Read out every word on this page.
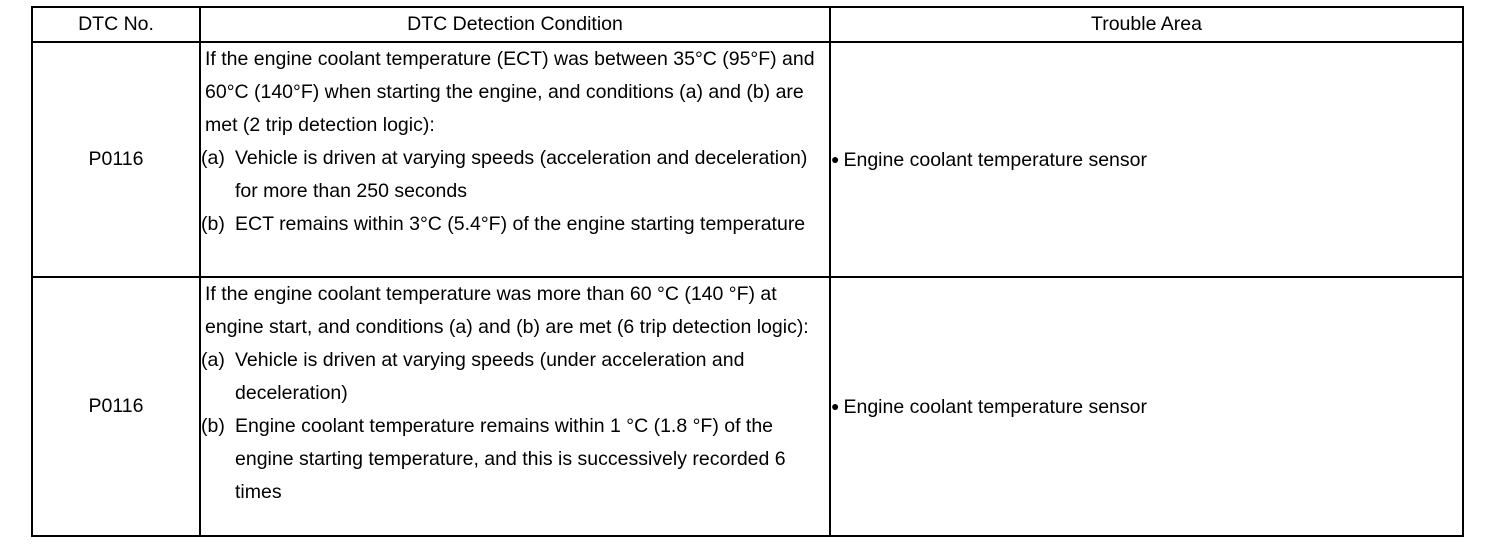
DTC No.	DTC Detection Condition	Trouble Area
P0116	If the engine coolant temperature (ECT) was between 35°C (95°F) and 60°C (140°F) when starting the engine, and conditions (a) and (b) are met (2 trip detection logic):
(a) Vehicle is driven at varying speeds (acceleration and deceleration) for more than 250 seconds
(b) ECT remains within 3°C (5.4°F) of the engine starting temperature	● Engine coolant temperature sensor
P0116	If the engine coolant temperature was more than 60 °C (140 °F) at engine start, and conditions (a) and (b) are met (6 trip detection logic):
(a) Vehicle is driven at varying speeds (under acceleration and deceleration)
(b) Engine coolant temperature remains within 1 °C (1.8 °F) of the engine starting temperature, and this is successively recorded 6 times	● Engine coolant temperature sensor
